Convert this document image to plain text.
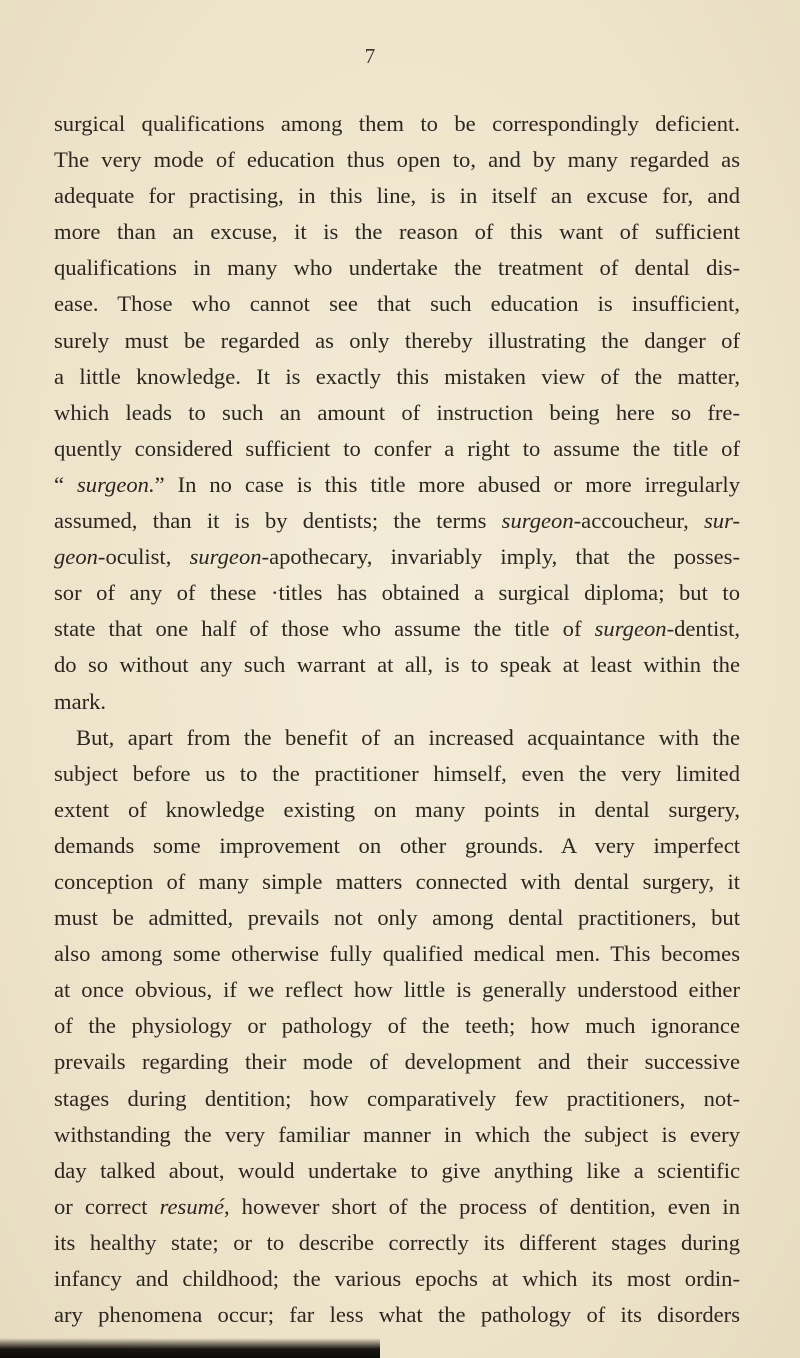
7
surgical qualifications among them to be correspondingly deficient.
The very mode of education thus open to, and by many regarded as
adequate for practising, in this line, is in itself an excuse for, and
more than an excuse, it is the reason of this want of sufficient
qualifications in many who undertake the treatment of dental dis-
ease. Those who cannot see that such education is insufficient,
surely must be regarded as only thereby illustrating the danger of
a little knowledge. It is exactly this mistaken view of the matter,
which leads to such an amount of instruction being here so fre-
quently considered sufficient to confer a right to assume the title of
“ surgeon.” In no case is this title more abused or more irregularly
assumed, than it is by dentists; the terms surgeon-accoucheur, sur-
geon-oculist, surgeon-apothecary, invariably imply, that the posses-
sor of any of these ·titles has obtained a surgical diploma; but to
state that one half of those who assume the title of surgeon-dentist,
do so without any such warrant at all, is to speak at least within the
mark.
But, apart from the benefit of an increased acquaintance with the
subject before us to the practitioner himself, even the very limited
extent of knowledge existing on many points in dental surgery,
demands some improvement on other grounds. A very imperfect
conception of many simple matters connected with dental surgery, it
must be admitted, prevails not only among dental practitioners, but
also among some otherwise fully qualified medical men. This becomes
at once obvious, if we reflect how little is generally understood either
of the physiology or pathology of the teeth; how much ignorance
prevails regarding their mode of development and their successive
stages during dentition; how comparatively few practitioners, not-
withstanding the very familiar manner in which the subject is every
day talked about, would undertake to give anything like a scientific
or correct resumé, however short of the process of dentition, even in
its healthy state; or to describe correctly its different stages during
infancy and childhood; the various epochs at which its most ordin-
ary phenomena occur; far less what the pathology of its disorders
